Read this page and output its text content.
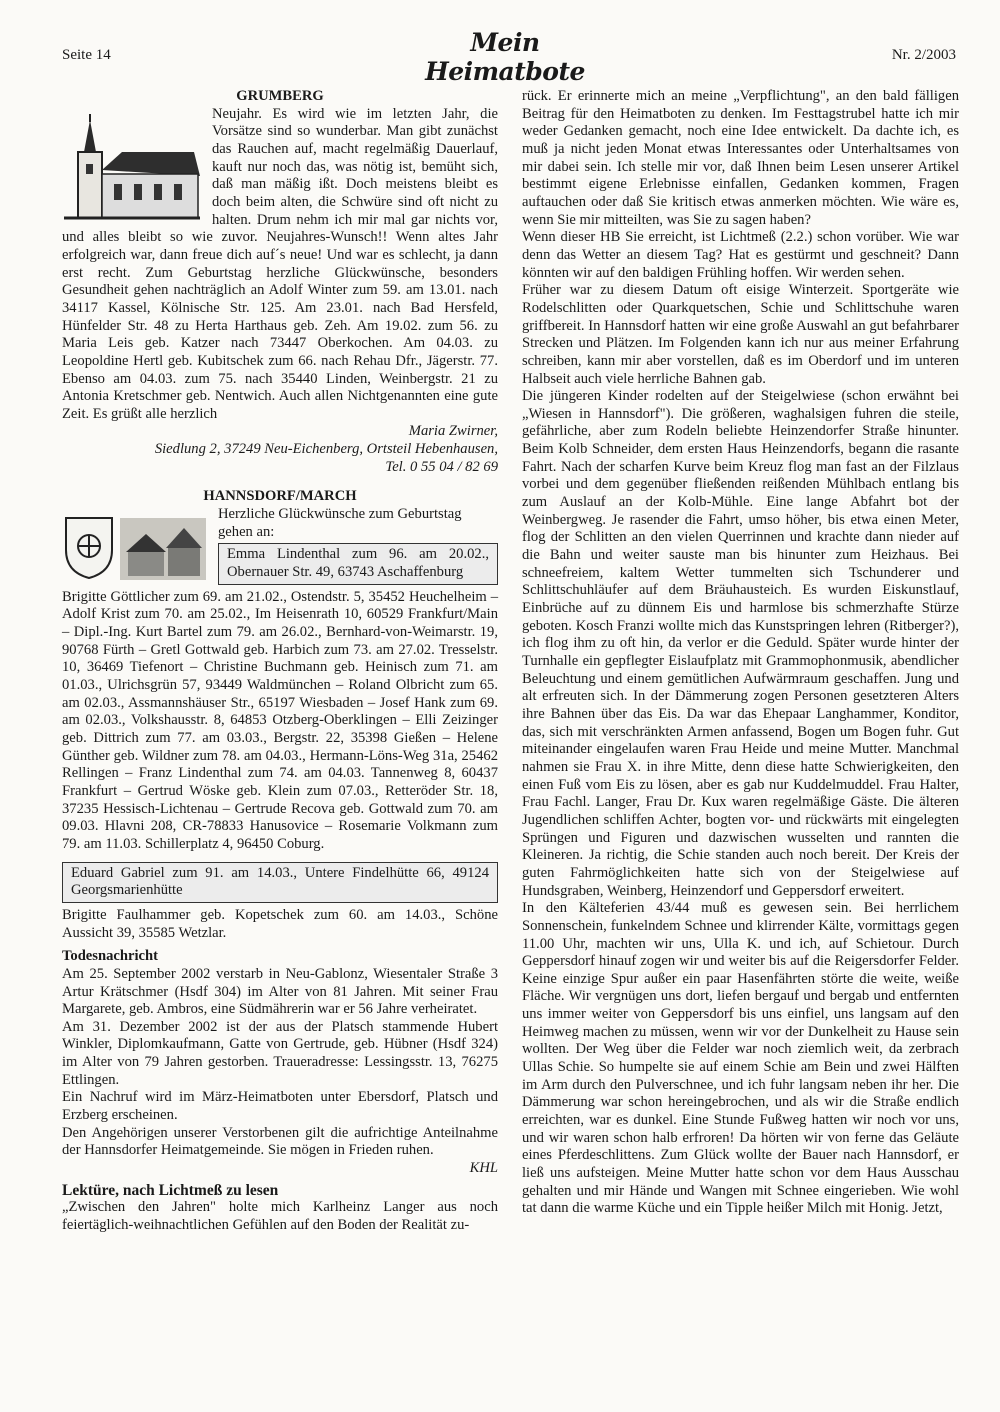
Seite 14	Mein Heimatbote
Nr. 2/2003

GRUMBERG

Neujahr. Es wird wie im letzten Jahr, die Vorsätze sind so wunderbar. Man gibt zunächst das Rauchen auf, macht regelmäßig Dauerlauf, kauft nur noch das, was nötig ist, bemüht sich, daß man mäßig ißt. Doch meistens bleibt es doch beim alten, die Schwüre sind oft nicht zu halten. Drum nehm ich mir mal gar nichts vor, und alles bleibt so wie zuvor. Neujahres-Wunsch!! Wenn altes Jahr erfolgreich war, dann freue dich auf´s neue! Und war es schlecht, ja dann erst recht. Zum Geburtstag herzliche Glückwünsche, besonders Gesundheit gehen nachträglich an Adolf Winter zum 59. am 13.01. nach 34117 Kassel, Kölnische Str. 125. Am 23.01. nach Bad Hersfeld, Hünfelder Str. 48 zu Herta Harthaus geb. Zeh. Am 19.02. zum 56. zu Maria Leis geb. Katzer nach 73447 Oberkochen. Am 04.03. zu Leopoldine Hertl geb. Kubitschek zum 66. nach Rehau Dfr., Jägerstr. 77. Ebenso am 04.03. zum 75. nach 35440 Linden, Weinbergstr. 21 zu Antonia Kretschmer geb. Nentwich. Auch allen Nichtgenannten eine gute Zeit. Es grüßt alle herzlich

Maria Zwirner,

Siedlung 2, 37249 Neu-Eichenberg, Ortsteil Hebenhausen,

Tel. 0 55 04 / 82 69

HANNSDORF/MARCH

Herzliche Glückwünsche zum Geburtstag gehen an:

Emma Lindenthal zum 96. am 20.02., Obernauer Str. 49, 63743 Aschaffenburg

Brigitte Göttlicher zum 69. am 21.02., Ostendstr. 5, 35452 Heuchelheim – Adolf Krist zum 70. am 25.02., Im Heisenrath 10, 60529 Frankfurt/Main – Dipl.-Ing. Kurt Bartel zum 79. am 26.02., Bernhard-von-Weimarstr. 19, 90768 Fürth – Gretl Gottwald geb. Harbich zum 73. am 27.02. Tresselstr. 10, 36469 Tiefenort – Christine Buchmann geb. Heinisch zum 71. am 01.03., Ulrichsgrün 57, 93449 Waldmünchen – Roland Olbricht zum 65. am 02.03., Assmannshäuser Str., 65197 Wiesbaden – Josef Hank zum 69. am 02.03., Volkshausstr. 8, 64853 Otzberg-Oberklingen – Elli Zeizinger geb. Dittrich zum 77. am 03.03., Bergstr. 22, 35398 Gießen – Helene Günther geb. Wildner zum 78. am 04.03., Hermann-Löns-Weg 31a, 25462 Rellingen – Franz Lindenthal zum 74. am 04.03. Tannenweg 8, 60437 Frankfurt – Gertrud Wöske geb. Klein zum 07.03., Retteröder Str. 18, 37235 Hessisch-Lichtenau – Gertrude Recova geb. Gottwald zum 70. am 09.03. Hlavni 208, CR-78833 Hanusovice – Rosemarie Volkmann zum 79. am 11.03. Schillerplatz 4, 96450 Coburg.

Eduard Gabriel zum 91. am 14.03., Untere Findelhütte 66, 49124 Georgsmarienhütte

Brigitte Faulhammer geb. Kopetschek zum 60. am 14.03., Schöne Aussicht 39, 35585 Wetzlar.

Todesnachricht

Am 25. September 2002 verstarb in Neu-Gablonz, Wiesentaler Straße 3 Artur Krätschmer (Hsdf 304) im Alter von 81 Jahren. Mit seiner Frau Margarete, geb. Ambros, eine Südmährerin war er 56 Jahre verheiratet.

Am 31. Dezember 2002 ist der aus der Platsch stammende Hubert Winkler, Diplomkaufmann, Gatte von Gertrude, geb. Hübner (Hsdf 324) im Alter von 79 Jahren gestorben. Traueradresse: Lessingsstr. 13, 76275 Ettlingen.

Ein Nachruf wird im März-Heimatboten unter Ebersdorf, Platsch und Erzberg erscheinen.

Den Angehörigen unserer Verstorbenen gilt die aufrichtige Anteilnahme der Hannsdorfer Heimatgemeinde. Sie mögen in Frieden ruhen.

KHL

Lektüre, nach Lichtmeß zu lesen

„Zwischen den Jahren" holte mich Karlheinz Langer aus noch feiertäglich-weihnachtlichen Gefühlen auf den Boden der Realität zu-

rück. Er erinnerte mich an meine „Verpflichtung", an den bald fälligen Beitrag für den Heimatboten zu denken. Im Festtagstrubel hatte ich mir weder Gedanken gemacht, noch eine Idee entwickelt. Da dachte ich, es muß ja nicht jeden Monat etwas Interessantes oder Unterhaltsames von mir dabei sein. Ich stelle mir vor, daß Ihnen beim Lesen unserer Artikel bestimmt eigene Erlebnisse einfallen, Gedanken kommen, Fragen auftauchen oder daß Sie kritisch etwas anmerken möchten. Wie wäre es, wenn Sie mir mitteilten, was Sie zu sagen haben?

Wenn dieser HB Sie erreicht, ist Lichtmeß (2.2.) schon vorüber. Wie war denn das Wetter an diesem Tag? Hat es gestürmt und geschneit? Dann könnten wir auf den baldigen Frühling hoffen. Wir werden sehen.

Früher war zu diesem Datum oft eisige Winterzeit. Sportgeräte wie Rodelschlitten oder Quarkquetschen, Schie und Schlittschuhe waren griffbereit. In Hannsdorf hatten wir eine große Auswahl an gut befahrbarer Strecken und Plätzen. Im Folgenden kann ich nur aus meiner Erfahrung schreiben, kann mir aber vorstellen, daß es im Oberdorf und im unteren Halbseit auch viele herrliche Bahnen gab.

Die jüngeren Kinder rodelten auf der Steigelwiese (schon erwähnt bei „Wiesen in Hannsdorf"). Die größeren, waghalsigen fuhren die steile, gefährliche, aber zum Rodeln beliebte Heinzendorfer Straße hinunter. Beim Kolb Schneider, dem ersten Haus Heinzendorfs, begann die rasante Fahrt. Nach der scharfen Kurve beim Kreuz flog man fast an der Filzlaus vorbei und dem gegenüber fließenden reißenden Mühlbach entlang bis zum Auslauf an der Kolb-Mühle. Eine lange Abfahrt bot der Weinbergweg. Je rasender die Fahrt, umso höher, bis etwa einen Meter, flog der Schlitten an den vielen Querrinnen und krachte dann nieder auf die Bahn und weiter sauste man bis hinunter zum Heizhaus. Bei schneefreiem, kaltem Wetter tummelten sich Tschunderer und Schlittschuhläufer auf dem Bräuhausteich. Es wurden Eiskunstlauf, Einbrüche auf zu dünnem Eis und harmlose bis schmerzhafte Stürze geboten. Kosch Franzi wollte mich das Kunstspringen lehren (Ritberger?), ich flog ihm zu oft hin, da verlor er die Geduld. Später wurde hinter der Turnhalle ein gepflegter Eislaufplatz mit Grammophonmusik, abendlicher Beleuchtung und einem gemütlichen Aufwärmraum geschaffen. Jung und alt erfreuten sich. In der Dämmerung zogen Personen gesetzteren Alters ihre Bahnen über das Eis. Da war das Ehepaar Langhammer, Konditor, das, sich mit verschränkten Armen anfassend, Bogen um Bogen fuhr. Gut miteinander eingelaufen waren Frau Heide und meine Mutter. Manchmal nahmen sie Frau X. in ihre Mitte, denn diese hatte Schwierigkeiten, den einen Fuß vom Eis zu lösen, aber es gab nur Kuddelmuddel. Frau Halter, Frau Fachl. Langer, Frau Dr. Kux waren regelmäßige Gäste. Die älteren Jugendlichen schliffen Achter, bogten vor- und rückwärts mit eingelegten Sprüngen und Figuren und dazwischen wusselten und rannten die Kleineren. Ja richtig, die Schie standen auch noch bereit. Der Kreis der guten Fahrmöglichkeiten hatte sich von der Steigelwiese auf Hundsgraben, Weinberg, Heinzendorf und Geppersdorf erweitert.

In den Kälteferien 43/44 muß es gewesen sein. Bei herrlichem Sonnenschein, funkelndem Schnee und klirrender Kälte, vormittags gegen 11.00 Uhr, machten wir uns, Ulla K. und ich, auf Schietour. Durch Geppersdorf hinauf zogen wir und weiter bis auf die Reigersdorfer Felder. Keine einzige Spur außer ein paar Hasenfährten störte die weite, weiße Fläche. Wir vergnügen uns dort, liefen bergauf und bergab und entfernten uns immer weiter von Geppersdorf bis uns einfiel, uns langsam auf den Heimweg machen zu müssen, wenn wir vor der Dunkelheit zu Hause sein wollten. Der Weg über die Felder war noch ziemlich weit, da zerbrach Ullas Schie. So humpelte sie auf einem Schie am Bein und zwei Hälften im Arm durch den Pulverschnee, und ich fuhr langsam neben ihr her. Die Dämmerung war schon hereingebrochen, und als wir die Straße endlich erreichten, war es dunkel. Eine Stunde Fußweg hatten wir noch vor uns, und wir waren schon halb erfroren! Da hörten wir von ferne das Geläute eines Pferdeschlittens. Zum Glück wollte der Bauer nach Hannsdorf, er ließ uns aufsteigen. Meine Mutter hatte schon vor dem Haus Ausschau gehalten und mir Hände und Wangen mit Schnee eingerieben. Wie wohl tat dann die warme Küche und ein Tipple heißer Milch mit Honig. Jetzt,
